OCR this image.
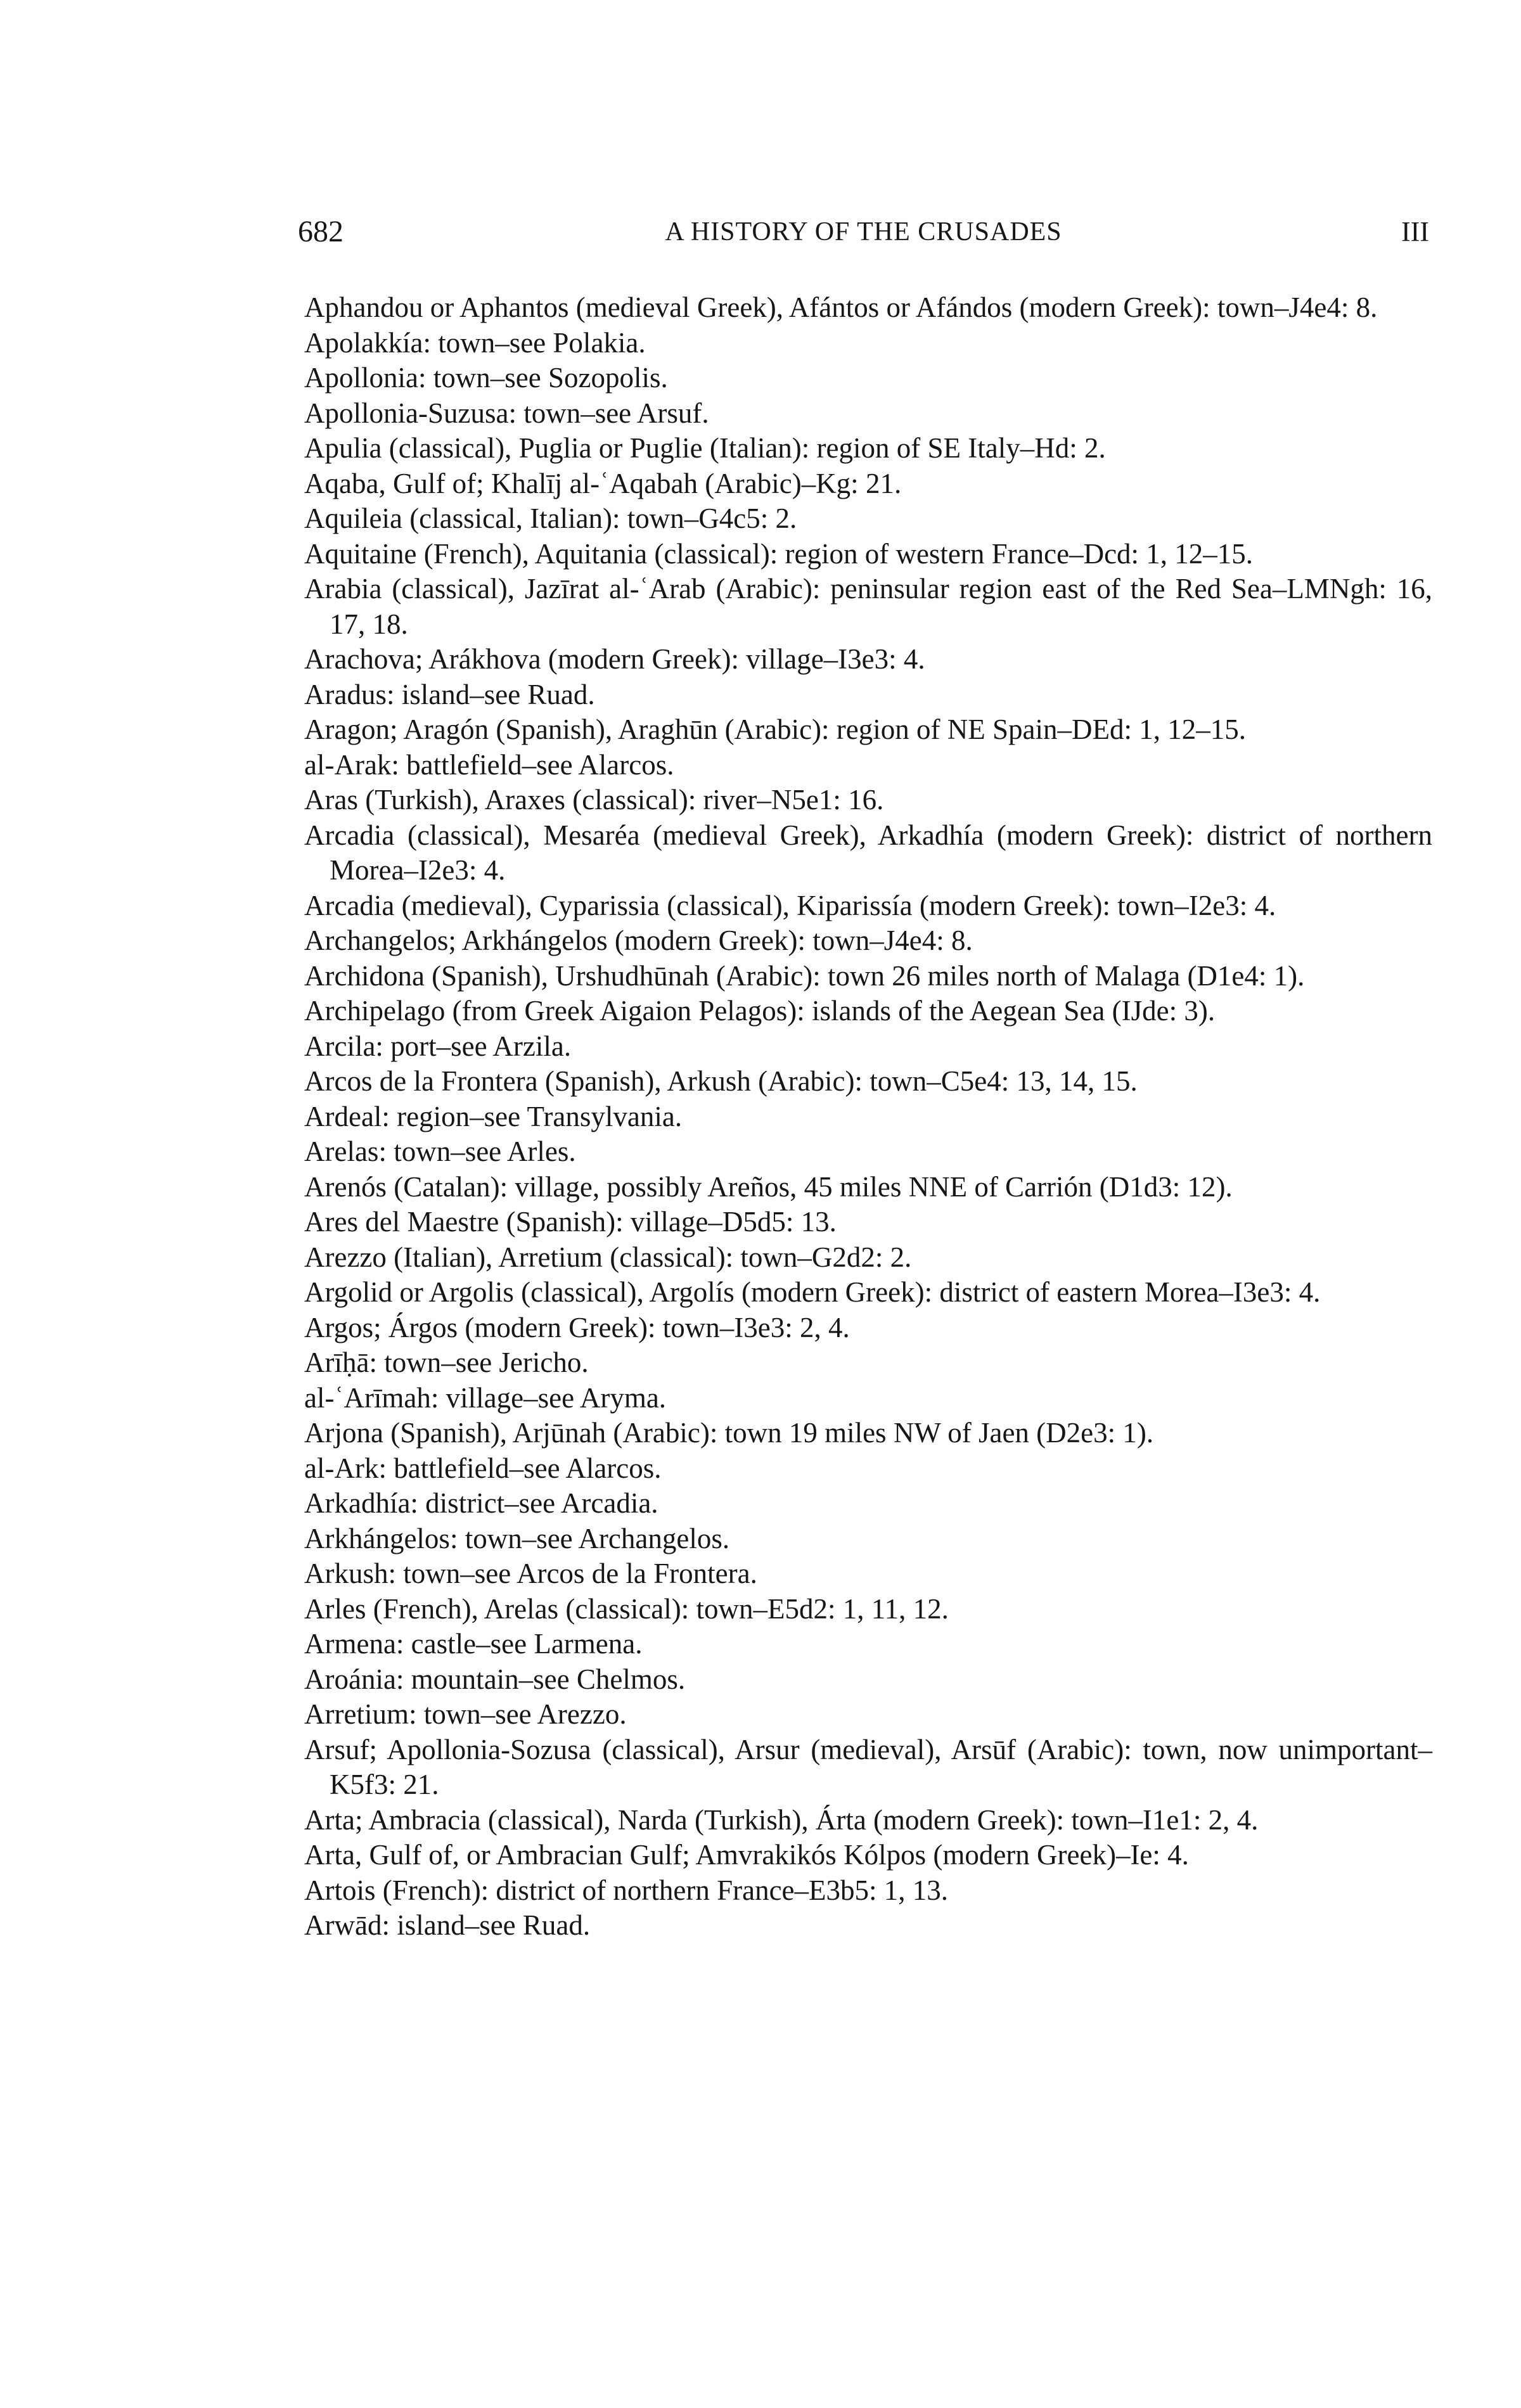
682	A HISTORY OF THE CRUSADES	III

Aphandou or Aphantos (medieval Greek), Afántos or Afándos (modern Greek): town–J4e4: 8.

Apolakkía: town–see Polakia.

Apollonia: town–see Sozopolis.

Apollonia-Suzusa: town–see Arsuf.

Apulia (classical), Puglia or Puglie (Italian): region of SE Italy–Hd: 2.

Aqaba, Gulf of; Khalīj al-ʿAqabah (Arabic)–Kg: 21.

Aquileia (classical, Italian): town–G4c5: 2.

Aquitaine (French), Aquitania (classical): region of western France–Dcd: 1, 12–15.

Arabia (classical), Jazīrat al-ʿArab (Arabic): peninsular region east of the Red Sea–LMNgh: 16, 17, 18.

Arachova; Arákhova (modern Greek): village–I3e3: 4.

Aradus: island–see Ruad.

Aragon; Aragón (Spanish), Araghūn (Arabic): region of NE Spain–DEd: 1, 12–15.

al-Arak: battlefield–see Alarcos.

Aras (Turkish), Araxes (classical): river–N5e1: 16.

Arcadia (classical), Mesaréa (medieval Greek), Arkadhía (modern Greek): district of northern Morea–I2e3: 4.

Arcadia (medieval), Cyparissia (classical), Kiparissía (modern Greek): town–I2e3: 4.

Archangelos; Arkhángelos (modern Greek): town–J4e4: 8.

Archidona (Spanish), Urshudhūnah (Arabic): town 26 miles north of Malaga (D1e4: 1).

Archipelago (from Greek Aigaion Pelagos): islands of the Aegean Sea (IJde: 3).

Arcila: port–see Arzila.

Arcos de la Frontera (Spanish), Arkush (Arabic): town–C5e4: 13, 14, 15.

Ardeal: region–see Transylvania.

Arelas: town–see Arles.

Arenós (Catalan): village, possibly Areños, 45 miles NNE of Carrión (D1d3: 12).

Ares del Maestre (Spanish): village–D5d5: 13.

Arezzo (Italian), Arretium (classical): town–G2d2: 2.

Argolid or Argolis (classical), Argolís (modern Greek): district of eastern Morea–I3e3: 4.

Argos; Árgos (modern Greek): town–I3e3: 2, 4.

Arīḥā: town–see Jericho.

al-ʿArīmah: village–see Aryma.

Arjona (Spanish), Arjūnah (Arabic): town 19 miles NW of Jaen (D2e3: 1).

al-Ark: battlefield–see Alarcos.

Arkadhía: district–see Arcadia.

Arkhángelos: town–see Archangelos.

Arkush: town–see Arcos de la Frontera.

Arles (French), Arelas (classical): town–E5d2: 1, 11, 12.

Armena: castle–see Larmena.

Aroánia: mountain–see Chelmos.

Arretium: town–see Arezzo.

Arsuf; Apollonia-Sozusa (classical), Arsur (medieval), Arsūf (Arabic): town, now unimportant–K5f3: 21.

Arta; Ambracia (classical), Narda (Turkish), Árta (modern Greek): town–I1e1: 2, 4.

Arta, Gulf of, or Ambracian Gulf; Amvrakikós Kólpos (modern Greek)–Ie: 4.

Artois (French): district of northern France–E3b5: 1, 13.

Arwād: island–see Ruad.
